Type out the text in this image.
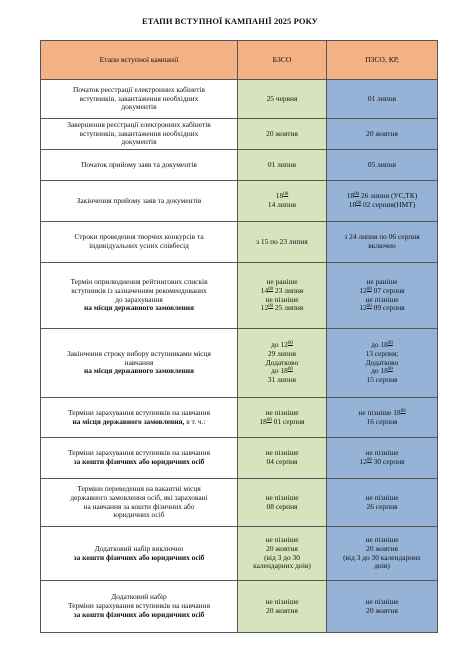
ЕТАПИ ВСТУПНОЇ КАМПАНІЇ 2025 РОКУ
Етапи вступної кампанії	БЗСО	ПЗСО, КР,

Початок реєстрації електронних кабінетів
вступників, завантаження необхідних
документів	25 червня	01 липня

Завершення реєстрації електронних кабінетів
вступників, завантаження необхідних
документів	20 жовтня	20 жовтня

Початок прийому заяв та документів	01 липня	05 липня

Закінчення прийому заяв та документів	$18^{00}$
14 липня	$18^{00}$ 26 липня (УС,ТК)
$18^{00}$ 02 серпня(НМТ)

Строки проведення творчих конкурсів та
індивідуальних усних співбесід	з 15 по 23 липня	з 24 липня по 06 серпня
включно

Термін оприлюднення рейтингових списків
вступників із зазначенням рекомендованих
до зарахування
на місця державного замовлення	не раніше
$14^{00}$ 23 липня
не пізніше
$12^{00}$ 25 липня	не раніше
$12^{00}$ 07 серпня
не пізніше
$12^{00}$ 09 серпня

Закінчення строку вибору вступниками місця
навчання
на місця державного замовлення	до $12^{00}$
29 липня
Додатково
до $18^{00}$
31 липня	до $18^{00}$
13 серпня;
Додатково
до $18^{00}$
15 серпня

Терміни зарахування вступників на навчання
на місця державного замовлення, в т. ч.:	не пізніше
$18^{00}$ 01 серпня	не пізніше $18^{00}$
16 серпня

Терміни зарахування вступників на навчання
за кошти фізичних або юридичних осіб	не пізніше
04 серпня	не пізніше
$12^{00}$ 30 серпня

Терміни переведення на вакантні місця
державного замовлення осіб, які зараховані
на навчання за кошти фізичних або
юридичних осіб	не пізніше
08 серпня	не пізніше
26 серпня

Додатковий набір виключно
за кошти фізичних або юридичних осіб	не пізніше
20 жовтня
(від 3 до 30
календарних днів)	не пізніше
20 жовтня
(від 3 до 30 календарних
днів)

Додатковий набір
Терміни зарахування вступників на навчання
за кошти фізичних або юридичних осіб	не пізніше
20 жовтня	не пізніше
20 жовтня
